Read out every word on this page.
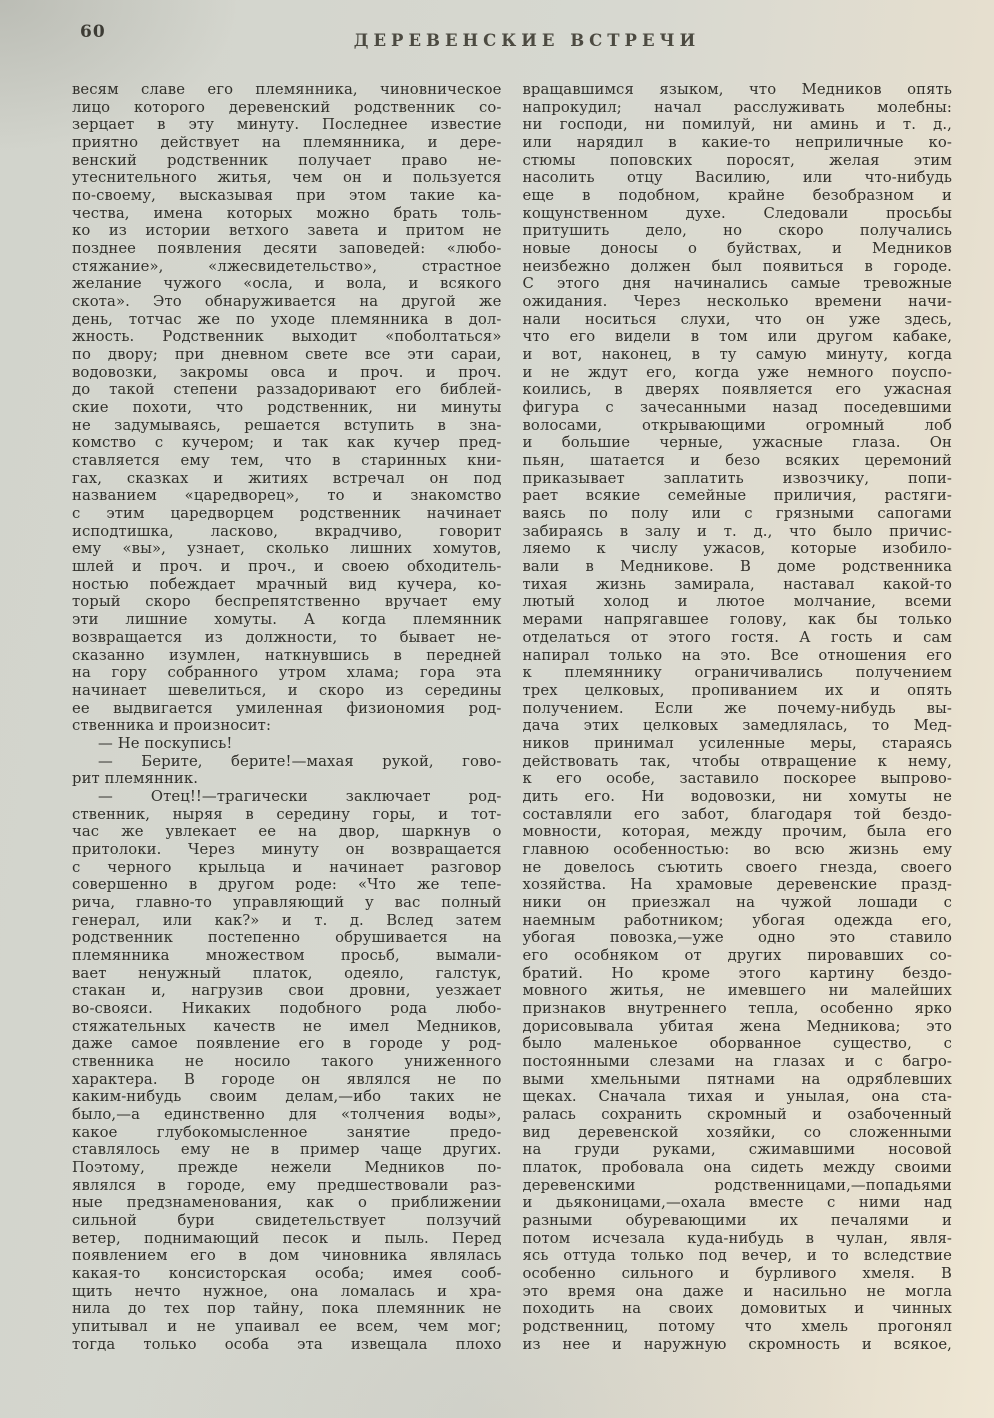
60	ДЕРЕВЕНСКИЕ ВСТРЕЧИ
весям славе его племянника, чиновническое
лицо которого деревенский родственник со-
зерцает в эту минуту. Последнее известие
приятно действует на племянника, и дере-
венский родственник получает право не-
утеснительного житья, чем он и пользуется
по-своему, высказывая при этом такие ка-
чества, имена которых можно брать толь-
ко из истории ветхого завета и притом не
позднее появления десяти заповедей: «любо-
стяжание», «лжесвидетельство», страстное
желание чужого «осла, и вола, и всякого
скота». Это обнаруживается на другой же
день, тотчас же по уходе племянника в дол-
жность. Родственник выходит «поболтаться»
по двору; при дневном свете все эти сараи,
водовозки, закромы овса и проч. и проч.
до такой степени раззадоривают его библей-
ские похоти, что родственник, ни минуты
не задумываясь, решается вступить в зна-
комство с кучером; и так как кучер пред-
ставляется ему тем, что в старинных кни-
гах, сказках и житиях встречал он под
названием «царедворец», то и знакомство
с этим царедворцем родственник начинает
исподтишка, ласково, вкрадчиво, говорит
ему «вы», узнает, сколько лишних хомутов,
шлей и проч. и проч., и своею обходитель-
ностью побеждает мрачный вид кучера, ко-
торый скоро беспрепятственно вручает ему
эти лишние хомуты. А когда племянник
возвращается из должности, то бывает не-
сказанно изумлен, наткнувшись в передней
на гору собранного утром хлама; гора эта
начинает шевелиться, и скоро из середины
ее выдвигается умиленная физиономия род-
ственника и произносит:
— Не поскупись!
— Берите, берите!—махая рукой, гово-
рит племянник.
— Отец!!—трагически заключает род-
ственник, ныряя в середину горы, и тот-
час же увлекает ее на двор, шаркнув о
притолоки. Через минуту он возвращается
с черного крыльца и начинает разговор
совершенно в другом роде: «Что же тепе-
рича, главно-то управляющий у вас полный
генерал, или как?» и т. д. Вслед затем
родственник постепенно обрушивается на
племянника множеством просьб, вымали-
вает ненужный платок, одеяло, галстук,
стакан и, нагрузив свои дровни, уезжает
во-свояси. Никаких подобного рода любо-
стяжательных качеств не имел Медников,
даже самое появление его в городе у род-
ственника не носило такого униженного
характера. В городе он являлся не по
каким-нибудь своим делам,—ибо таких не
было,—а единственно для «толчения воды»,
какое глубокомысленное занятие предо-
ставлялось ему не в пример чаще других.
Поэтому, прежде нежели Медников по-
являлся в городе, ему предшествовали раз-
ные предзнаменования, как о приближении
сильной бури свидетельствует ползучий
ветер, поднимающий песок и пыль. Перед
появлением его в дом чиновника являлась
какая-то консисторская особа; имея сооб-
щить нечто нужное, она ломалась и хра-
нила до тех пор тайну, пока племянник не
упитывал и не упаивал ее всем, чем мог;
тогда только особа эта извещала плохо
вращавшимся языком, что Медников опять
напрокудил; начал расслуживать молебны:
ни господи, ни помилуй, ни аминь и т. д.,
или нарядил в какие-то неприличные ко-
стюмы поповских поросят, желая этим
насолить отцу Василию, или что-нибудь
еще в подобном, крайне безобразном и
кощунственном духе. Следовали просьбы
притушить дело, но скоро получались
новые доносы о буйствах, и Медников
неизбежно должен был появиться в городе.
С этого дня начинались самые тревожные
ожидания. Через несколько времени начи-
нали носиться слухи, что он уже здесь,
что его видели в том или другом кабаке,
и вот, наконец, в ту самую минуту, когда
и не ждут его, когда уже немного поуспо-
коились, в дверях появляется его ужасная
фигура с зачесанными назад поседевшими
волосами, открывающими огромный лоб
и большие черные, ужасные глаза. Он
пьян, шатается и безо всяких церемоний
приказывает заплатить извозчику, попи-
рает всякие семейные приличия, растяги-
ваясь по полу или с грязными сапогами
забираясь в залу и т. д., что было причис-
ляемо к числу ужасов, которые изобило-
вали в Медникове. В доме родственника
тихая жизнь замирала, наставал какой-то
лютый холод и лютое молчание, всеми
мерами напрягавшее голову, как бы только
отделаться от этого гостя. А гость и сам
напирал только на это. Все отношения его
к племяннику ограничивались получением
трех целковых, пропиванием их и опять
получением. Если же почему-нибудь вы-
дача этих целковых замедлялась, то Мед-
ников принимал усиленные меры, стараясь
действовать так, чтобы отвращение к нему,
к его особе, заставило поскорее выпрово-
дить его. Ни водовозки, ни хомуты не
составляли его забот, благодаря той бездо-
мовности, которая, между прочим, была его
главною особенностью: во всю жизнь ему
не довелось съютить своего гнезда, своего
хозяйства. На храмовые деревенские празд-
ники он приезжал на чужой лошади с
наемным работником; убогая одежда его,
убогая повозка,—уже одно это ставило
его особняком от других пировавших со-
братий. Но кроме этого картину бездо-
мовного житья, не имевшего ни малейших
признаков внутреннего тепла, особенно ярко
дорисовывала убитая жена Медникова; это
было маленькое оборванное существо, с
постоянными слезами на глазах и с багро-
выми хмельными пятнами на одряблевших
щеках. Сначала тихая и унылая, она ста-
ралась сохранить скромный и озабоченный
вид деревенской хозяйки, со сложенными
на груди руками, сжимавшими носовой
платок, пробовала она сидеть между своими
деревенскими родственницами,—попадьями
и дьяконицами,—охала вместе с ними над
разными обуревающими их печалями и
потом исчезала куда-нибудь в чулан, явля-
ясь оттуда только под вечер, и то вследствие
особенно сильного и бурливого хмеля. В
это время она даже и насильно не могла
походить на своих домовитых и чинных
родственниц, потому что хмель прогонял
из нее и наружную скромность и всякое,
